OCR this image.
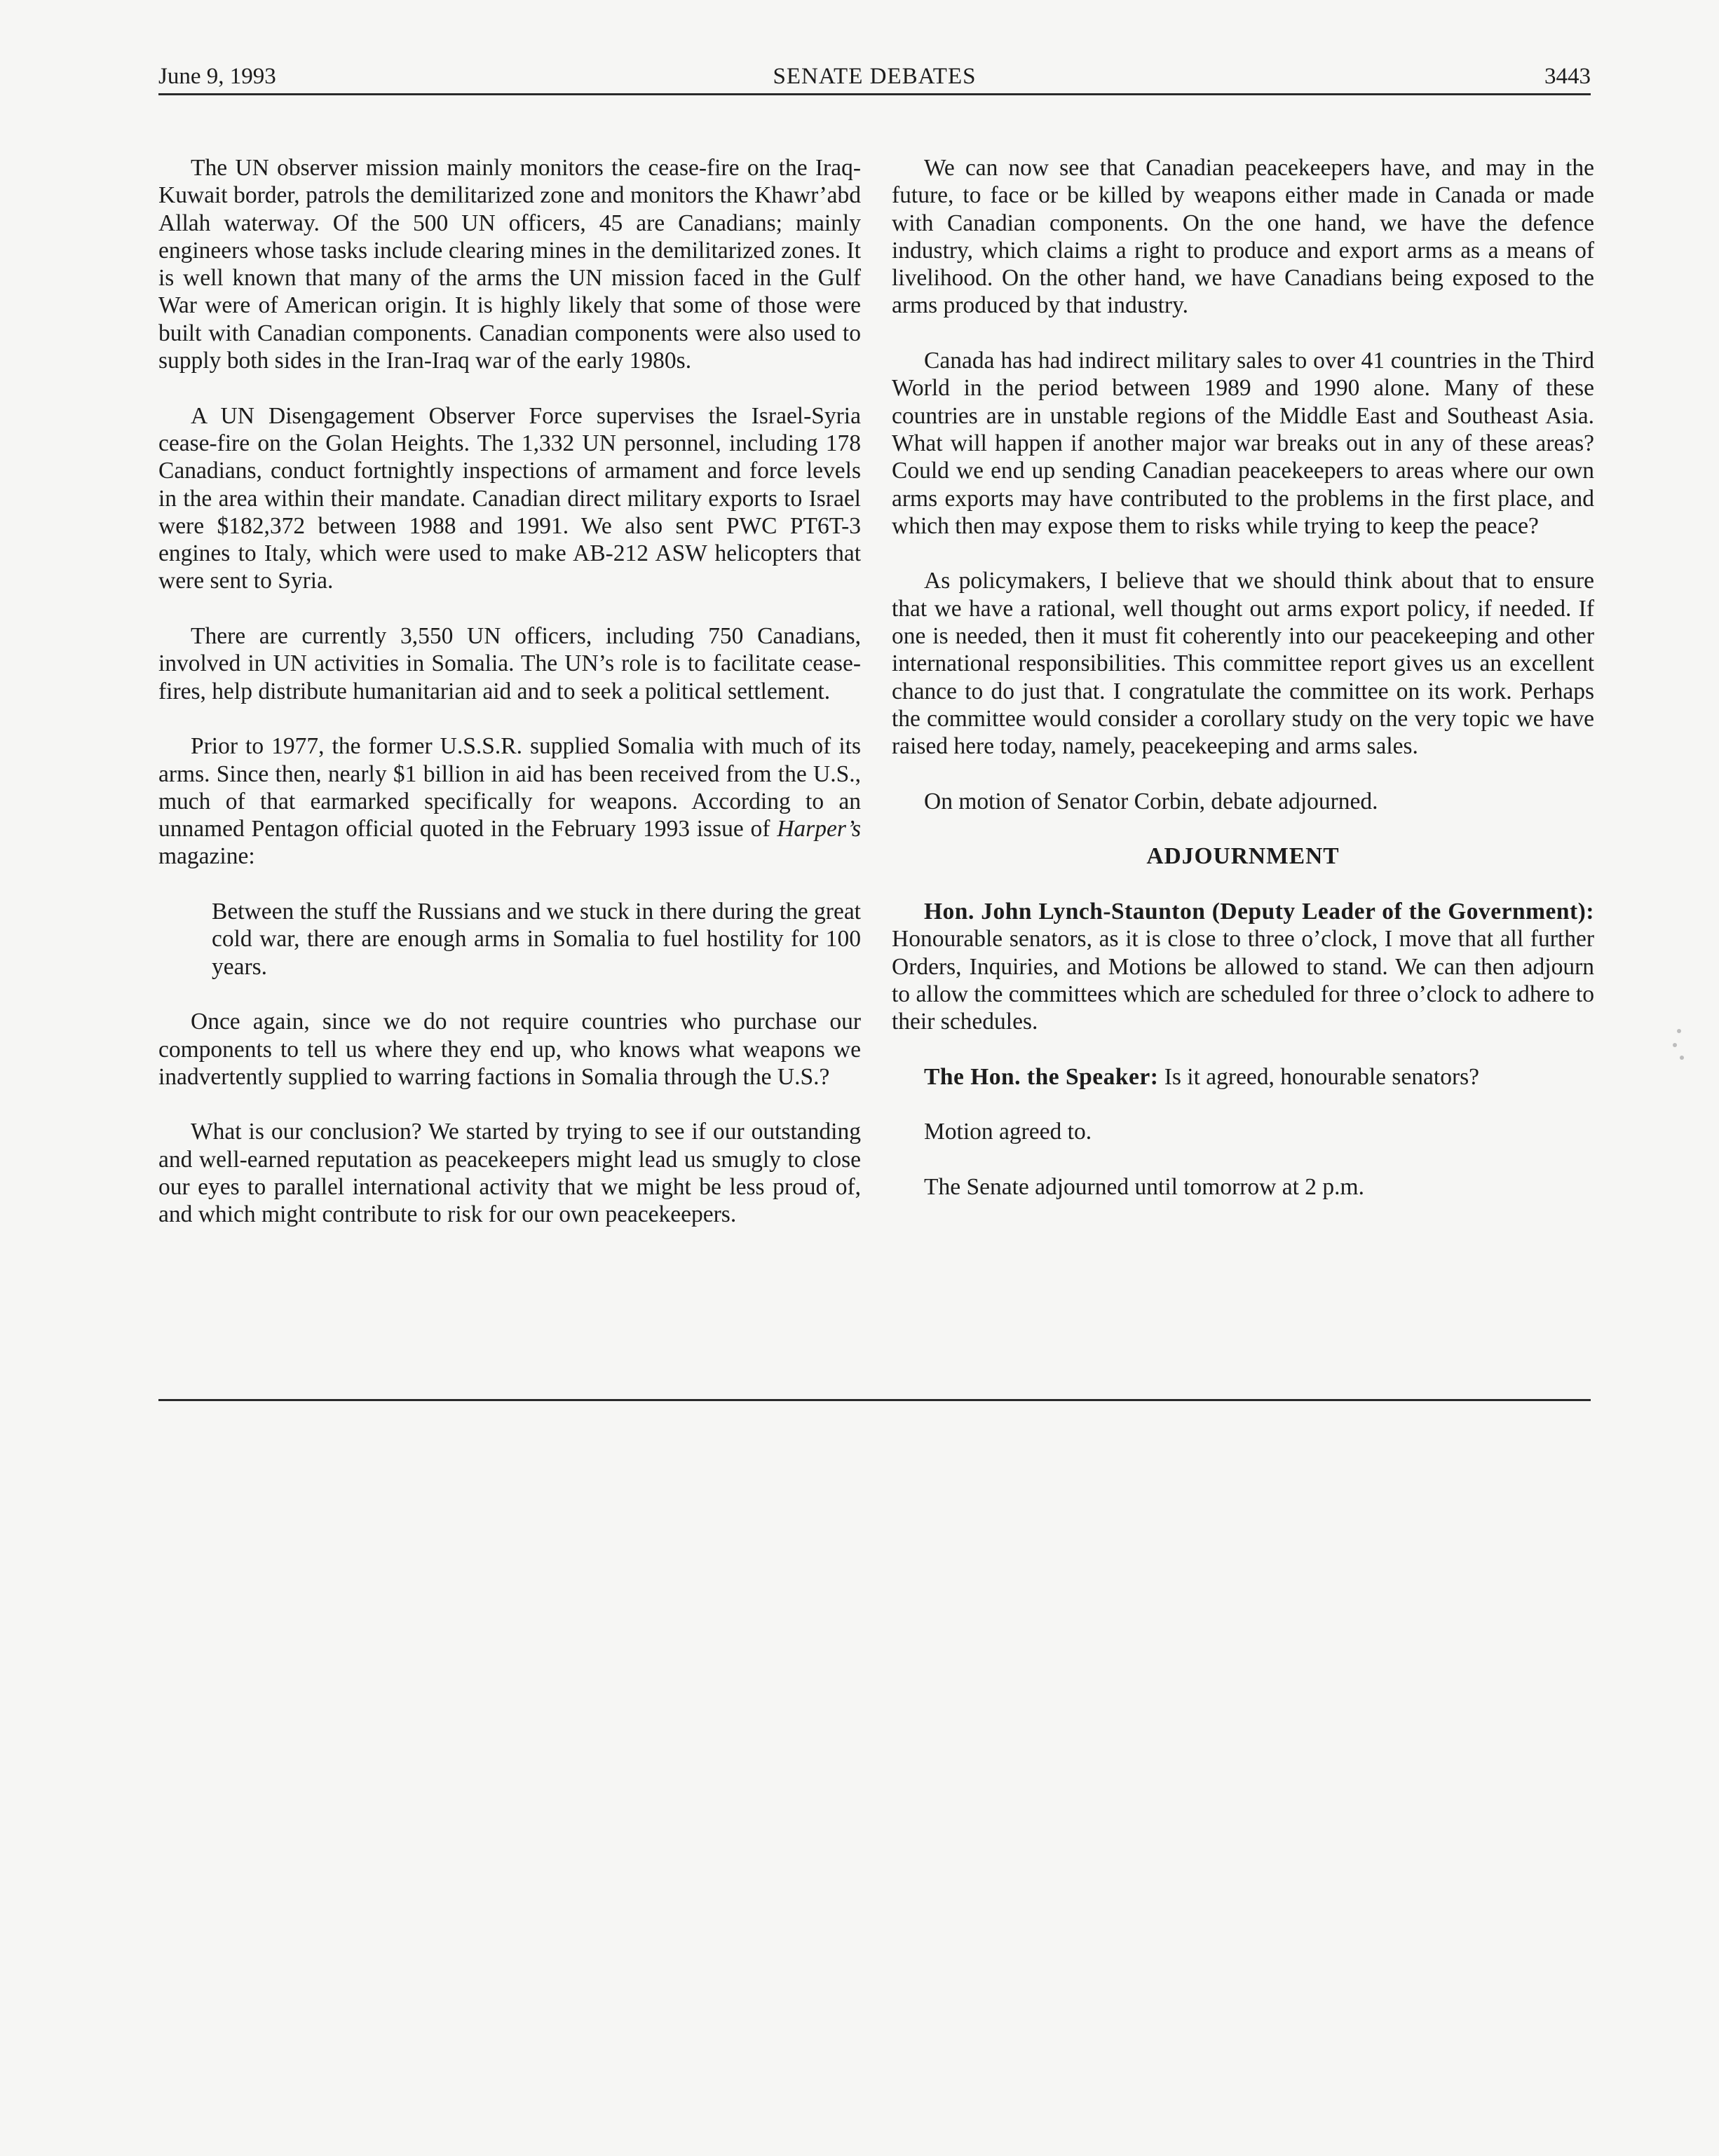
June 9, 1993	SENATE DEBATES	3443

The UN observer mission mainly monitors the cease-fire on the Iraq-Kuwait border, patrols the demilitarized zone and monitors the Khawr’abd Allah waterway. Of the 500 UN officers, 45 are Canadians; mainly engineers whose tasks include clearing mines in the demilitarized zones. It is well known that many of the arms the UN mission faced in the Gulf War were of American origin. It is highly likely that some of those were built with Canadian components. Canadian components were also used to supply both sides in the Iran-Iraq war of the early 1980s.

A UN Disengagement Observer Force supervises the Israel-Syria cease-fire on the Golan Heights. The 1,332 UN personnel, including 178 Canadians, conduct fortnightly inspections of armament and force levels in the area within their mandate. Canadian direct military exports to Israel were $182,372 between 1988 and 1991. We also sent PWC PT6T-3 engines to Italy, which were used to make AB-212 ASW helicopters that were sent to Syria.

There are currently 3,550 UN officers, including 750 Canadians, involved in UN activities in Somalia. The UN’s role is to facilitate cease-fires, help distribute humanitarian aid and to seek a political settlement.

Prior to 1977, the former U.S.S.R. supplied Somalia with much of its arms. Since then, nearly $1 billion in aid has been received from the U.S., much of that earmarked specifically for weapons. According to an unnamed Pentagon official quoted in the February 1993 issue of Harper’s magazine:

Between the stuff the Russians and we stuck in there during the great cold war, there are enough arms in Somalia to fuel hostility for 100 years.

Once again, since we do not require countries who purchase our components to tell us where they end up, who knows what weapons we inadvertently supplied to warring factions in Somalia through the U.S.?

What is our conclusion? We started by trying to see if our outstanding and well-earned reputation as peacekeepers might lead us smugly to close our eyes to parallel international activity that we might be less proud of, and which might contribute to risk for our own peacekeepers.

We can now see that Canadian peacekeepers have, and may in the future, to face or be killed by weapons either made in Canada or made with Canadian components. On the one hand, we have the defence industry, which claims a right to produce and export arms as a means of livelihood. On the other hand, we have Canadians being exposed to the arms produced by that industry.

Canada has had indirect military sales to over 41 countries in the Third World in the period between 1989 and 1990 alone. Many of these countries are in unstable regions of the Middle East and Southeast Asia. What will happen if another major war breaks out in any of these areas? Could we end up sending Canadian peacekeepers to areas where our own arms exports may have contributed to the problems in the first place, and which then may expose them to risks while trying to keep the peace?

As policymakers, I believe that we should think about that to ensure that we have a rational, well thought out arms export policy, if needed. If one is needed, then it must fit coherently into our peacekeeping and other international responsibilities. This committee report gives us an excellent chance to do just that. I congratulate the committee on its work. Perhaps the committee would consider a corollary study on the very topic we have raised here today, namely, peacekeeping and arms sales.

On motion of Senator Corbin, debate adjourned.

ADJOURNMENT

Hon. John Lynch-Staunton (Deputy Leader of the Government): Honourable senators, as it is close to three o’clock, I move that all further Orders, Inquiries, and Motions be allowed to stand. We can then adjourn to allow the committees which are scheduled for three o’clock to adhere to their schedules.

The Hon. the Speaker: Is it agreed, honourable senators?

Motion agreed to.

The Senate adjourned until tomorrow at 2 p.m.
